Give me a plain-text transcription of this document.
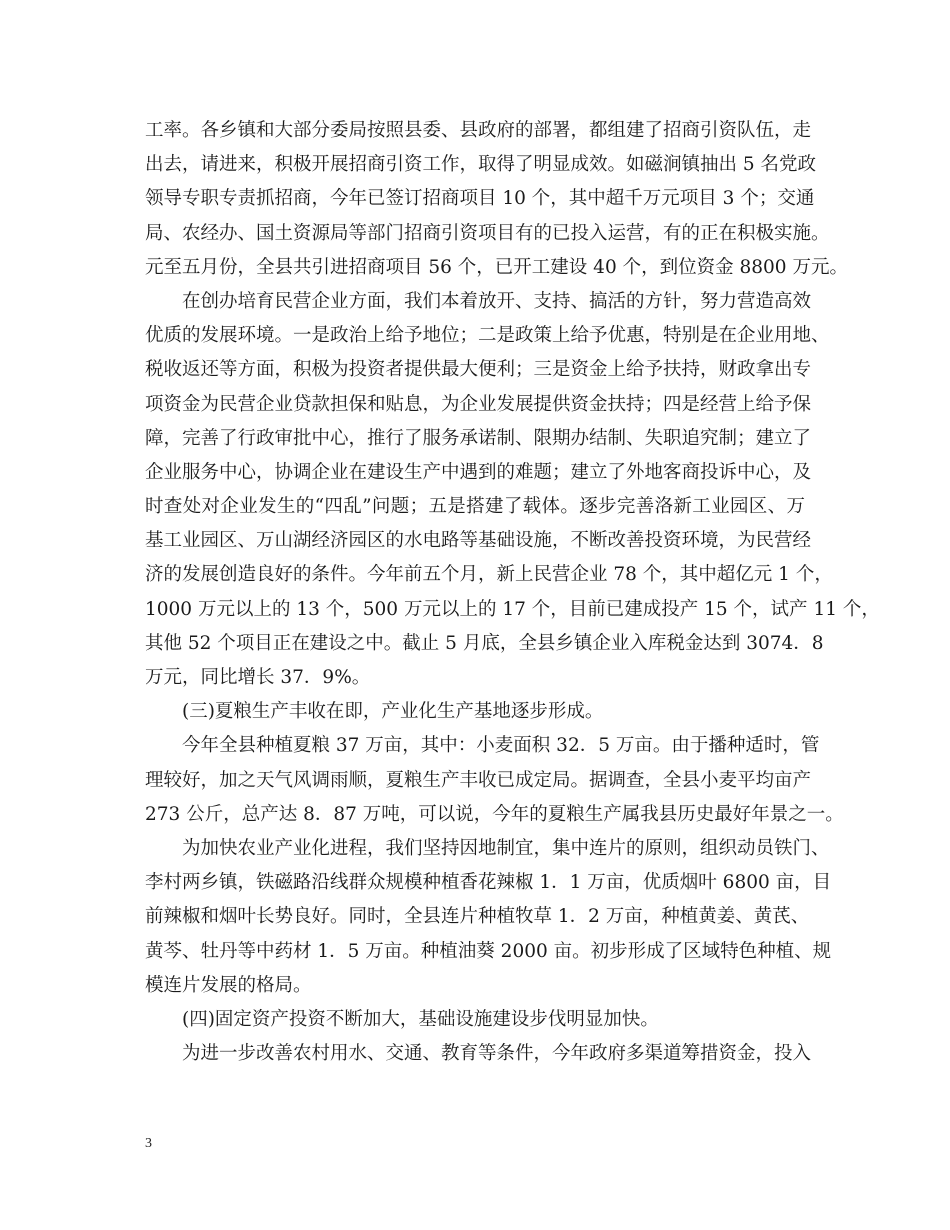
工率。各乡镇和大部分委局按照县委、县政府的部署，都组建了招商引资队伍，走
出去，请进来，积极开展招商引资工作，取得了明显成效。如磁涧镇抽出 5 名党政
领导专职专责抓招商，今年已签订招商项目 10 个，其中超千万元项目 3 个；交通
局、农经办、国土资源局等部门招商引资项目有的已投入运营，有的正在积极实施。
元至五月份，全县共引进招商项目 56 个，已开工建设 40 个，到位资金 8800 万元。
在创办培育民营企业方面，我们本着放开、支持、搞活的方针，努力营造高效
优质的发展环境。一是政治上给予地位；二是政策上给予优惠，特别是在企业用地、
税收返还等方面，积极为投资者提供最大便利；三是资金上给予扶持，财政拿出专
项资金为民营企业贷款担保和贴息，为企业发展提供资金扶持；四是经营上给予保
障，完善了行政审批中心，推行了服务承诺制、限期办结制、失职追究制；建立了
企业服务中心，协调企业在建设生产中遇到的难题；建立了外地客商投诉中心，及
时查处对企业发生的“四乱”问题；五是搭建了载体。逐步完善洛新工业园区、万
基工业园区、万山湖经济园区的水电路等基础设施，不断改善投资环境，为民营经
济的发展创造良好的条件。今年前五个月，新上民营企业 78 个，其中超亿元 1 个，
1000 万元以上的 13 个，500 万元以上的 17 个，目前已建成投产 15 个，试产 11 个，
其他 52 个项目正在建设之中。截止 5 月底，全县乡镇企业入库税金达到 3074．8
万元，同比增长 37．9%。
(三)夏粮生产丰收在即，产业化生产基地逐步形成。
今年全县种植夏粮 37 万亩，其中：小麦面积 32．5 万亩。由于播种适时，管
理较好，加之天气风调雨顺，夏粮生产丰收已成定局。据调查，全县小麦平均亩产
273 公斤，总产达 8．87 万吨，可以说，今年的夏粮生产属我县历史最好年景之一。
为加快农业产业化进程，我们坚持因地制宜，集中连片的原则，组织动员铁门、
李村两乡镇，铁磁路沿线群众规模种植香花辣椒 1．1 万亩，优质烟叶 6800 亩，目
前辣椒和烟叶长势良好。同时，全县连片种植牧草 1．2 万亩，种植黄姜、黄芪、
黄芩、牡丹等中药材 1．5 万亩。种植油葵 2000 亩。初步形成了区域特色种植、规
模连片发展的格局。
(四)固定资产投资不断加大，基础设施建设步伐明显加快。
为进一步改善农村用水、交通、教育等条件，今年政府多渠道筹措资金，投入
3
